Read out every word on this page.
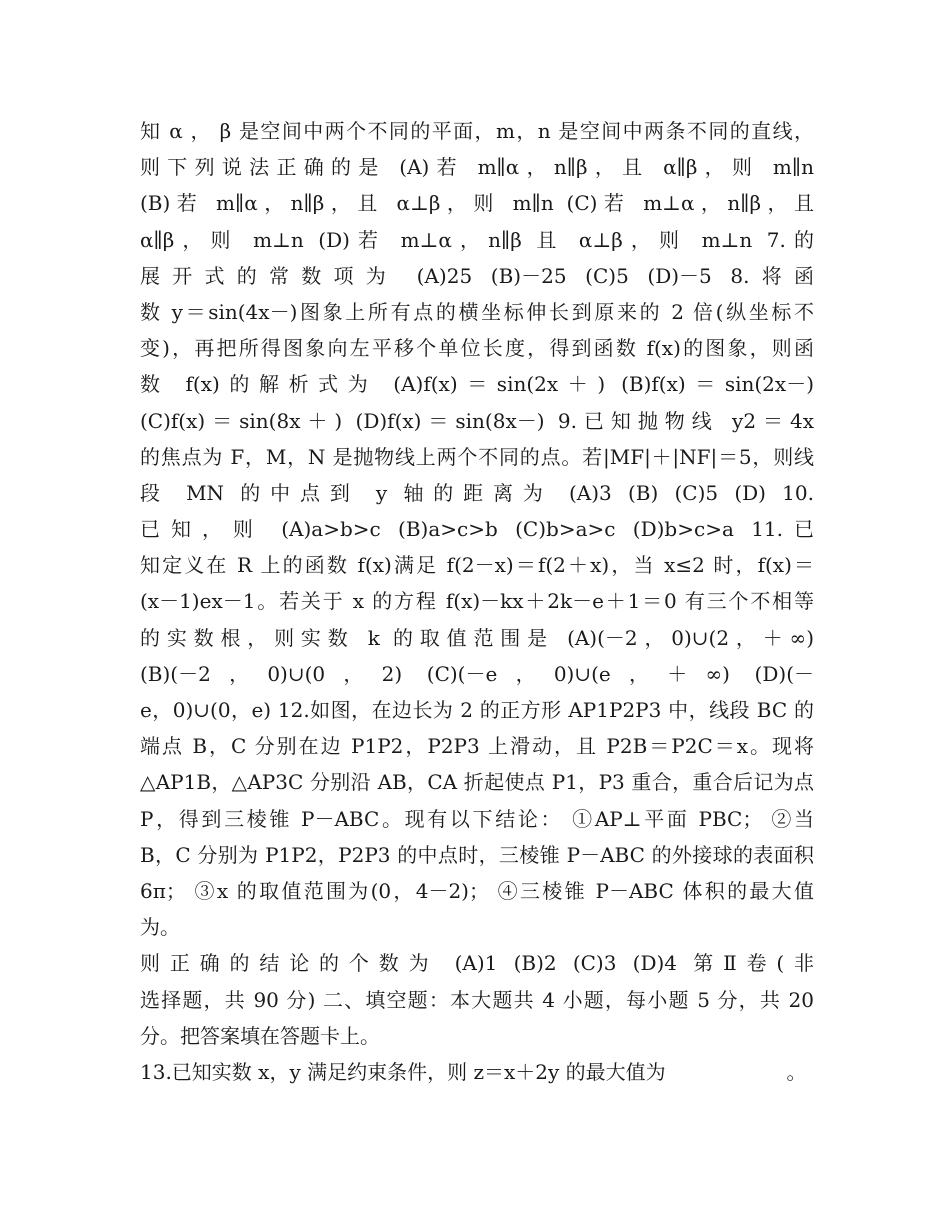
知 α ， β 是空间中两个不同的平面，m，n 是空间中两条不同的直线，
则下列说法正确的是 (A)若 m∥α，n∥β，且 α∥β，则 m∥n
(B)若 m∥α，n∥β，且 α⊥β，则 m∥n (C)若 m⊥α，n∥β，且
α∥β，则 m⊥n (D)若 m⊥α，n∥β 且 α⊥β，则 m⊥n 7.的
展开式的常数项为 (A)25 (B)－25 (C)5 (D)－5 8.将函
数 y＝sin(4x－)图象上所有点的横坐标伸长到原来的 2 倍(纵坐标不
变)，再把所得图象向左平移个单位长度，得到函数 f(x)的图象，则函
数 f(x)的解析式为 (A)f(x)＝sin(2x＋) (B)f(x)＝sin(2x－)
(C)f(x)＝sin(8x＋) (D)f(x)＝sin(8x－) 9.已知抛物线 y2＝4x
的焦点为 F，M，N 是抛物线上两个不同的点。若|MF|＋|NF|＝5，则线
段 MN 的中点到 y 轴的距离为 (A)3 (B) (C)5 (D) 10.
已知，则 (A)a>b>c (B)a>c>b (C)b>a>c (D)b>c>a 11.已
知定义在 R 上的函数 f(x)满足 f(2－x)＝f(2＋x)，当 x≤2 时，f(x)＝
(x－1)ex－1。若关于 x 的方程 f(x)－kx＋2k－e＋1＝0 有三个不相等
的实数根，则实数 k 的取值范围是 (A)(－2，0)∪(2，＋∞)
(B)(－2，0)∪(0，2) (C)(－e，0)∪(e，＋∞) (D)(－
e，0)∪(0，e) 12.如图，在边长为 2 的正方形 AP1P2P3 中，线段 BC 的
端点 B，C 分别在边 P1P2，P2P3 上滑动，且 P2B＝P2C＝x。现将
△AP1B，△AP3C 分别沿 AB，CA 折起使点 P1，P3 重合，重合后记为点
P，得到三棱锥 P－ABC。现有以下结论： ①AP⊥平面 PBC； ②当
B，C 分别为 P1P2，P2P3 的中点时，三棱锥 P－ABC 的外接球的表面积
6π； ③x 的取值范围为(0，4－2)； ④三棱锥 P－ABC 体积的最大值
为。
则正确的结论的个数为 (A)1 (B)2 (C)3 (D)4 第Ⅱ卷(非
选择题，共 90 分) 二、填空题：本大题共 4 小题，每小题 5 分，共 20
分。把答案填在答题卡上。
13.已知实数 x，y 满足约束条件，则 z＝x＋2y 的最大值为                   。
